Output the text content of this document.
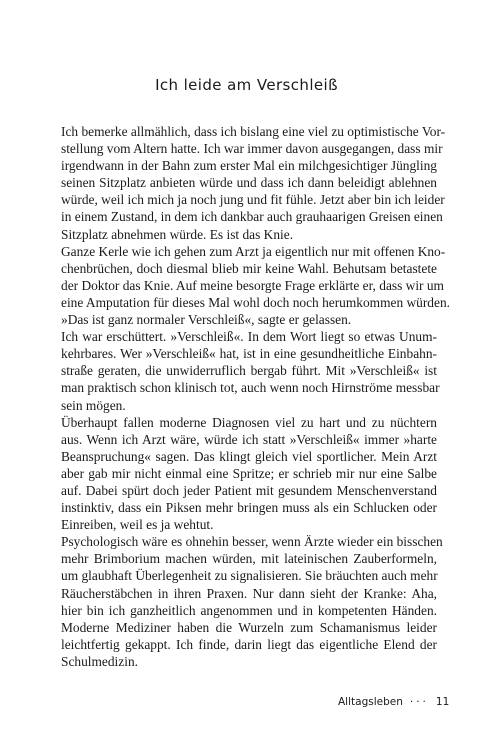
Ich leide am Verschleiß
Ich bemerke allmählich, dass ich bislang eine viel zu optimistische Vor-
stellung vom Altern hatte. Ich war immer davon ausgegangen, dass mir
irgendwann in der Bahn zum erster Mal ein milchgesichtiger Jüngling
seinen Sitzplatz anbieten würde und dass ich dann beleidigt ablehnen
würde, weil ich mich ja noch jung und fit fühle. Jetzt aber bin ich leider
in einem Zustand, in dem ich dankbar auch grauhaarigen Greisen einen
Sitzplatz abnehmen würde. Es ist das Knie.
Ganze Kerle wie ich gehen zum Arzt ja eigentlich nur mit offenen Kno-
chenbrüchen, doch diesmal blieb mir keine Wahl. Behutsam betastete
der Doktor das Knie. Auf meine besorgte Frage erklärte er, dass wir um
eine Amputation für dieses Mal wohl doch noch herumkommen würden.
»Das ist ganz normaler Verschleiß«, sagte er gelassen.
Ich war erschüttert. »Verschleiß«. In dem Wort liegt so etwas Unum-
kehrbares. Wer »Verschleiß« hat, ist in eine gesundheitliche Einbahn-
straße geraten, die unwiderruflich bergab führt. Mit »Verschleiß« ist
man praktisch schon klinisch tot, auch wenn noch Hirnströme messbar
sein mögen.
Überhaupt fallen moderne Diagnosen viel zu hart und zu nüchtern
aus. Wenn ich Arzt wäre, würde ich statt »Verschleiß« immer »harte
Beanspruchung« sagen. Das klingt gleich viel sportlicher. Mein Arzt
aber gab mir nicht einmal eine Spritze; er schrieb mir nur eine Salbe
auf. Dabei spürt doch jeder Patient mit gesundem Menschenverstand
instinktiv, dass ein Piksen mehr bringen muss als ein Schlucken oder
Einreiben, weil es ja wehtut.
Psychologisch wäre es ohnehin besser, wenn Ärzte wieder ein bisschen
mehr Brimborium machen würden, mit lateinischen Zauberformeln,
um glaubhaft Überlegenheit zu signalisieren. Sie bräuchten auch mehr
Räucherstäbchen in ihren Praxen. Nur dann sieht der Kranke: Aha,
hier bin ich ganzheitlich angenommen und in kompetenten Händen.
Moderne Mediziner haben die Wurzeln zum Schamanismus leider
leichtfertig gekappt. Ich finde, darin liegt das eigentliche Elend der
Schulmedizin.
Alltagsleben ··· 11
